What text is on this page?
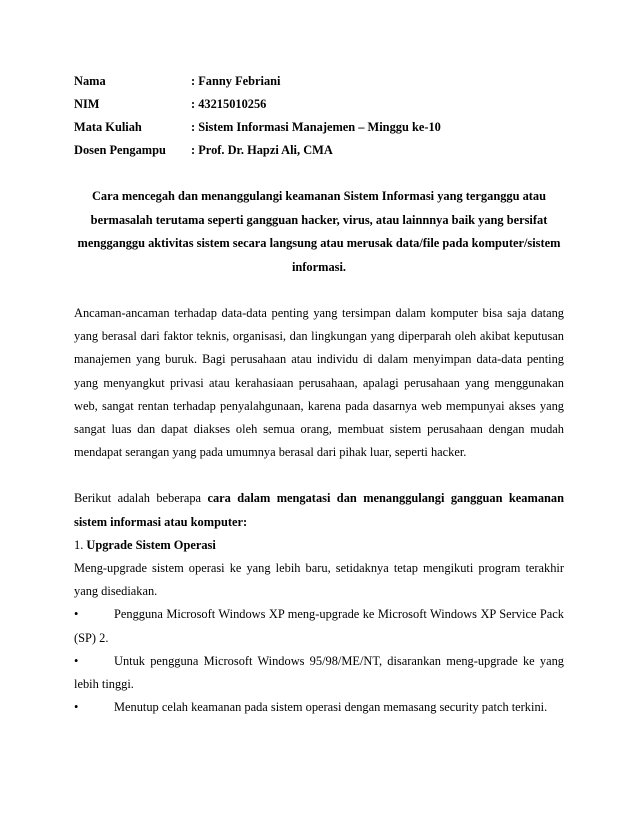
Nama	: Fanny Febriani
NIM	: 43215010256
Mata Kuliah	: Sistem Informasi Manajemen – Minggu ke-10
Dosen Pengampu	: Prof. Dr. Hapzi Ali, CMA
Cara mencegah dan menanggulangi keamanan Sistem Informasi yang terganggu atau bermasalah terutama seperti gangguan hacker, virus, atau lainnnya baik yang bersifat mengganggu aktivitas sistem secara langsung atau merusak data/file pada komputer/sistem informasi.
Ancaman-ancaman terhadap data-data penting yang tersimpan dalam komputer bisa saja datang yang berasal dari faktor teknis, organisasi, dan lingkungan yang diperparah oleh akibat keputusan manajemen yang buruk. Bagi perusahaan atau individu di dalam menyimpan data-data penting yang menyangkut privasi atau kerahasiaan perusahaan, apalagi perusahaan yang menggunakan web, sangat rentan terhadap penyalahgunaan, karena pada dasarnya web mempunyai akses yang sangat luas dan dapat diakses oleh semua orang, membuat sistem perusahaan dengan mudah mendapat serangan yang pada umumnya berasal dari pihak luar, seperti hacker.
Berikut adalah beberapa cara dalam mengatasi dan menanggulangi gangguan keamanan sistem informasi atau komputer:
1. Upgrade Sistem Operasi
Meng-upgrade sistem operasi ke yang lebih baru, setidaknya tetap mengikuti program terakhir yang disediakan.
•	Pengguna Microsoft Windows XP meng-upgrade ke Microsoft Windows XP Service Pack (SP) 2.
•	Untuk pengguna Microsoft Windows 95/98/ME/NT, disarankan meng-upgrade ke yang lebih tinggi.
•	Menutup celah keamanan pada sistem operasi dengan memasang security patch terkini.
